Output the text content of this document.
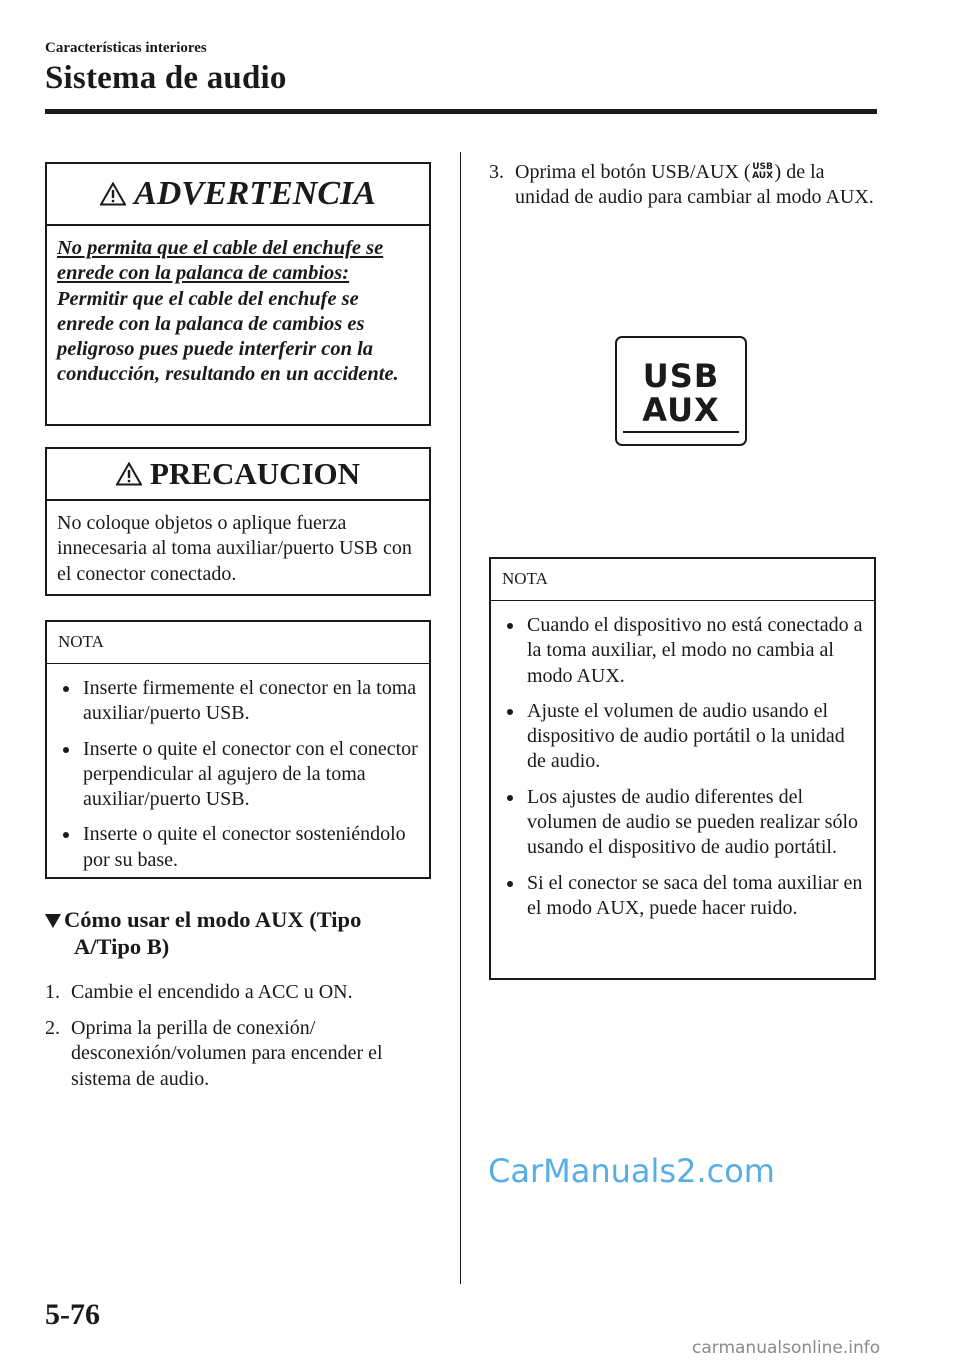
Características interiores
Sistema de audio
ADVERTENCIA
No permita que el cable del enchufe se enrede con la palanca de cambios: Permitir que el cable del enchufe se enrede con la palanca de cambios es peligroso pues puede interferir con la conducción, resultando en un accidente.
PRECAUCION
No coloque objetos o aplique fuerza innecesaria al toma auxiliar/puerto USB con el conector conectado.
NOTA
Inserte firmemente el conector en la toma auxiliar/puerto USB.
Inserte o quite el conector con el conector perpendicular al agujero de la toma auxiliar/puerto USB.
Inserte o quite el conector sosteniéndolo por su base.
Cómo usar el modo AUX (Tipo
A/Tipo B)
1. Cambie el encendido a ACC u ON.
2. Oprima la perilla de conexión/ desconexión/volumen para encender el sistema de audio.
3. Oprima el botón USB/AUX ( USB
AUX ) de la unidad de audio para cambiar al modo AUX.
USB
AUX
NOTA
Cuando el dispositivo no está conectado a la toma auxiliar, el modo no cambia al modo AUX.
Ajuste el volumen de audio usando el dispositivo de audio portátil o la unidad de audio.
Los ajustes de audio diferentes del volumen de audio se pueden realizar sólo usando el dispositivo de audio portátil.
Si el conector se saca del toma auxiliar en el modo AUX, puede hacer ruido.
CarManuals2.com
5-76
carmanualsonline.info
